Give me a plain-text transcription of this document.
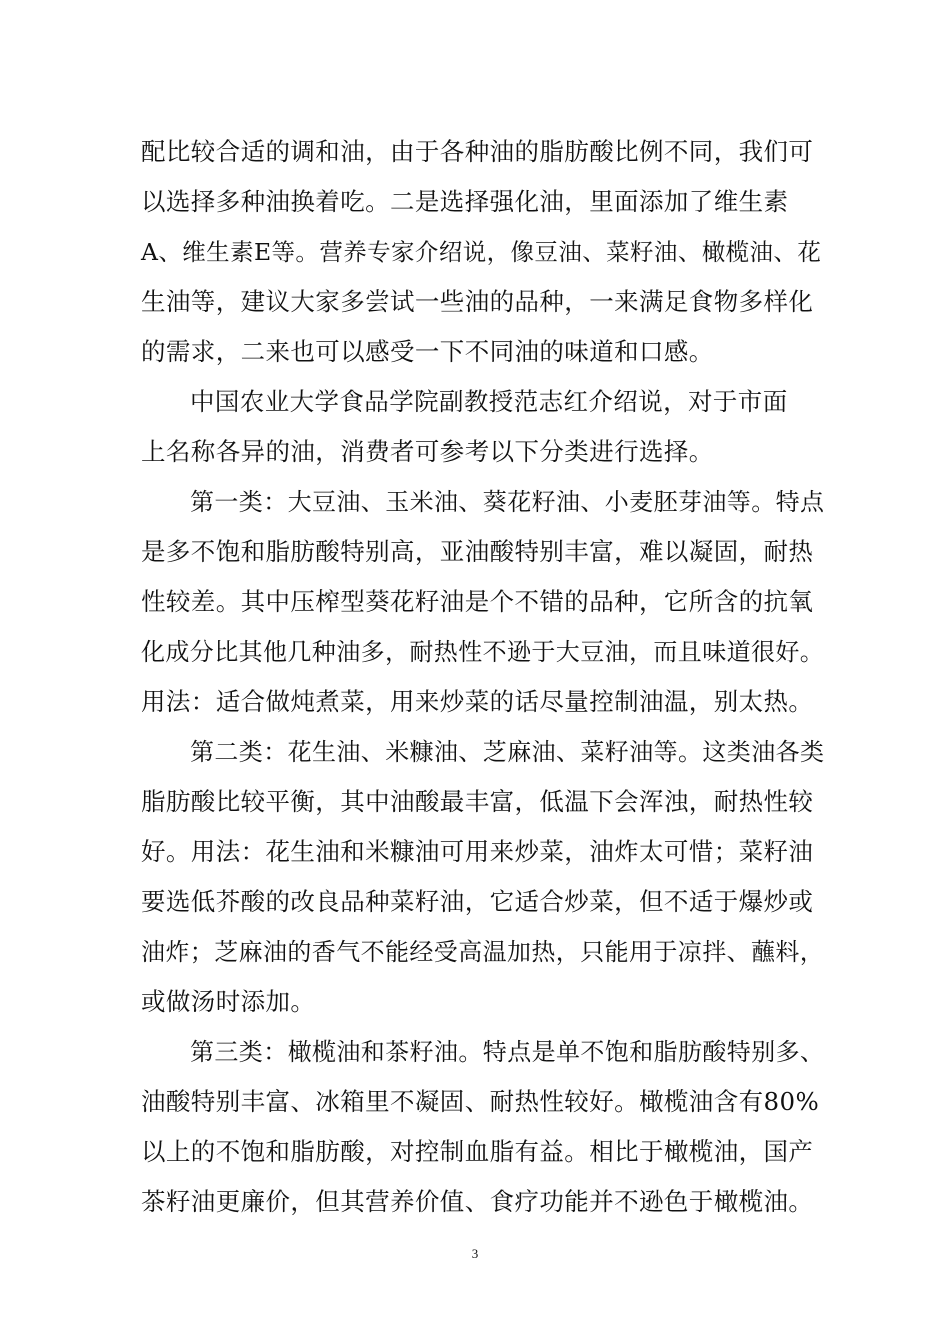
配比较合适的调和油，由于各种油的脂肪酸比例不同，我们可
以选择多种油换着吃。二是选择强化油，里面添加了维生素
A、维生素E等。营养专家介绍说，像豆油、菜籽油、橄榄油、花
生油等，建议大家多尝试一些油的品种，一来满足食物多样化
的需求，二来也可以感受一下不同油的味道和口感。
中国农业大学食品学院副教授范志红介绍说，对于市面
上名称各异的油，消费者可参考以下分类进行选择。
第一类：大豆油、玉米油、葵花籽油、小麦胚芽油等。特点
是多不饱和脂肪酸特别高，亚油酸特别丰富，难以凝固，耐热
性较差。其中压榨型葵花籽油是个不错的品种，它所含的抗氧
化成分比其他几种油多，耐热性不逊于大豆油，而且味道很好。
用法：适合做炖煮菜，用来炒菜的话尽量控制油温，别太热。
第二类：花生油、米糠油、芝麻油、菜籽油等。这类油各类
脂肪酸比较平衡，其中油酸最丰富，低温下会浑浊，耐热性较
好。用法：花生油和米糠油可用来炒菜，油炸太可惜；菜籽油
要选低芥酸的改良品种菜籽油，它适合炒菜，但不适于爆炒或
油炸；芝麻油的香气不能经受高温加热，只能用于凉拌、蘸料，
或做汤时添加。
第三类：橄榄油和茶籽油。特点是单不饱和脂肪酸特别多、
油酸特别丰富、冰箱里不凝固、耐热性较好。橄榄油含有80%
以上的不饱和脂肪酸，对控制血脂有益。相比于橄榄油，国产
茶籽油更廉价，但其营养价值、食疗功能并不逊色于橄榄油。
3
